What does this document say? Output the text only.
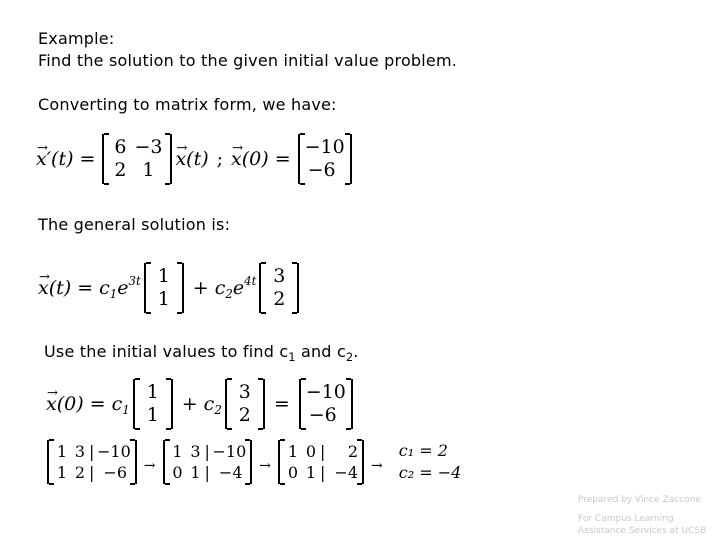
Example:
Find the solution to the given initial value problem.
Converting to matrix form, we have:
→ x ′(t) =
6 −3
2 1	→ x (t) ; → x (0) =
−10
−6
The general solution is:
→ x $(t) = c_1$ $e^{3t}$ 1
1	+ $c_2$ $e^{4t}$ 3
2
Use the initial values to find $c_1$ and $c_2$.
→ x $(0) = c_1$
1
1	+ $c_2$
3
2	=
−10
−6
1 3 | −10
1 2 | −6 →
1 3 | −10
0 1 | −4 →
1 0 |	2
0 1 | −4 →
c₁ = 2
c₂ = −4
Prepared by Vince Zaccone
For Campus Learning
Assistance Services at UCSB
